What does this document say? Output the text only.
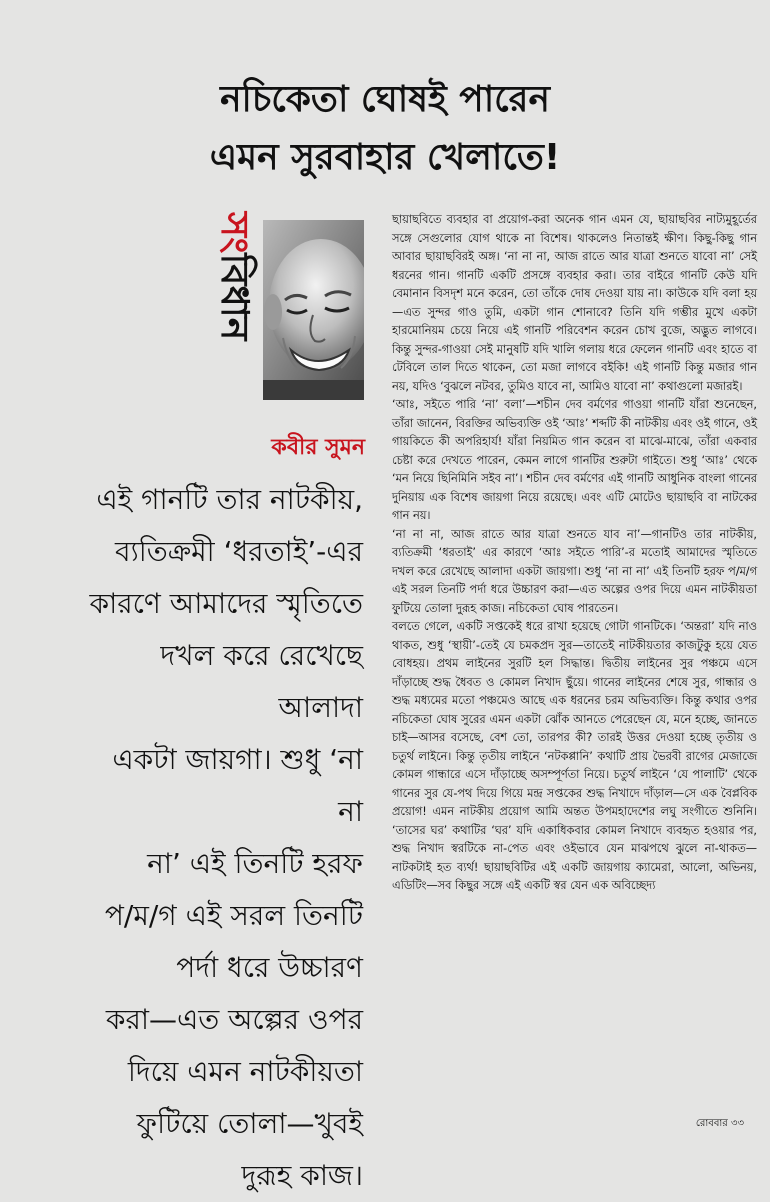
নচিকেতা ঘোষই পারেন
এমন সুরবাহার খেলাতে!
সংবিধান
কবীর সুমন

এই গানটি তার নাটকীয়,

ব্যতিক্রমী ‘ধরতাই’-এর

কারণে আমাদের স্মৃতিতে

দখল করে রেখেছে আলাদা

একটা জায়গা। শুধু ‘না না

না’ এই তিনটি হরফ

প/ম/গ এই সরল তিনটি

পর্দা ধরে উচ্চারণ

করা—এত অল্পের ওপর

দিয়ে এমন নাটকীয়তা

ফুটিয়ে তোলা—খুবই

দুরূহ কাজ।

ছায়াছবিতে ব্যবহার বা প্রয়োগ-করা অনেক গান এমন যে, ছায়াছবির নাট্যমুহূর্তের সঙ্গে সেগুলোর যোগ থাকে না বিশেষ। থাকলেও নিতান্তই ক্ষীণ। কিছু-কিছু গান আবার ছায়াছবিরই অঙ্গ। ‘না না না, আজ রাতে আর যাত্রা শুনতে যাবো না’ সেই ধরনের গান। গানটি একটি প্রসঙ্গে ব্যবহার করা। তার বাইরে গানটি কেউ যদি বেমানান বিসদৃশ মনে করেন, তো তাঁকে দোষ দেওয়া যায় না। কাউকে যদি বলা হয়—এত সুন্দর গাও তুমি, একটা গান শোনাবে? তিনি যদি গম্ভীর মুখে একটা হারমোনিয়ম চেয়ে নিয়ে এই গানটি পরিবেশন করেন চোখ বুজে, অদ্ভুত লাগবে। কিন্তু সুন্দর-গাওয়া সেই মানুষটি যদি খালি গলায় ধরে ফেলেন গানটি এবং হাতে বা টেবিলে তাল দিতে থাকেন, তো মজা লাগবে বইকি! এই গানটি কিন্তু মজার গান নয়, যদিও ‘বুঝলে নটবর, তুমিও যাবে না, আমিও যাবো না’ কথাগুলো মজারই।

‘আঃ, সইতে পারি ‘না’ বলা’—শচীন দেব বর্মণের গাওয়া গানটি যাঁরা শুনেছেন, তাঁরা জানেন, বিরক্তির অভিব্যক্তি ওই ‘আঃ’ শব্দটি কী নাটকীয় এবং ওই গানে, ওই গায়কিতে কী অপরিহার্য! যাঁরা নিয়মিত গান করেন বা মাঝে-মাঝে, তাঁরা একবার চেষ্টা করে দেখতে পারেন, কেমন লাগে গানটির শুরুটা গাইতে। শুধু ‘আঃ’ থেকে ‘মন নিয়ে ছিনিমিনি সইব না’। শচীন দেব বর্মণের এই গানটি আধুনিক বাংলা গানের দুনিয়ায় এক বিশেষ জায়গা নিয়ে রয়েছে। এবং এটি মোটেও ছায়াছবি বা নাটকের গান নয়।

‘না না না, আজ রাতে আর যাত্রা শুনতে যাব না’—গানটিও তার নাটকীয়, ব্যতিক্রমী ‘ধরতাই’ এর কারণে ‘আঃ সইতে পারি’-র মতোই আমাদের স্মৃতিতে দখল করে রেখেছে আলাদা একটা জায়গা। শুধু ‘না না না’ এই তিনটি হরফ প/ম/গ এই সরল তিনটি পর্দা ধরে উচ্চারণ করা—এত অল্পের ওপর দিয়ে এমন নাটকীয়তা ফুটিয়ে তোলা দুরূহ কাজ। নচিকেতা ঘোষ পারতেন।

বলতে গেলে, একটি সপ্তকেই ধরে রাখা হয়েছে গোটা গানটিকে। ‘অন্তরা’ যদি নাও থাকত, শুধু ‘স্থায়ী’-তেই যে চমকপ্রদ সুর—তাতেই নাটকীয়তার কাজটুকু হয়ে যেত বোধহয়। প্রথম লাইনের সুরটি হল সিদ্ধান্ত। দ্বিতীয় লাইনের সুর পঞ্চমে এসে দাঁড়াচ্ছে শুদ্ধ ধৈবত ও কোমল নিখাদ ছুঁয়ে। গানের লাইনের শেষে সুর, গান্ধার ও শুদ্ধ মধ্যমের মতো পঞ্চমেও আছে এক ধরনের চরম অভিব্যক্তি। কিন্তু কথার ওপর নচিকেতা ঘোষ সুরের এমন একটা ঝোঁক আনতে পেরেছেন যে, মনে হচ্ছে, জানতে চাই—আসর বসেছে, বেশ তো, তারপর কী? তারই উত্তর দেওয়া হচ্ছে তৃতীয় ও চতুর্থ লাইনে। কিন্তু তৃতীয় লাইনে ‘নটকপ্পানি’ কথাটি প্রায় ভৈরবী রাগের মেজাজে কোমল গান্ধারে এসে দাঁড়াচ্ছে অসম্পূর্ণতা নিয়ে। চতুর্থ লাইনে ‘যে পালাটি’ থেকে গানের সুর যে-পথ দিয়ে গিয়ে মন্দ্র সপ্তকের শুদ্ধ নিখাদে দাঁড়াল—সে এক বৈপ্লবিক প্রয়োগ! এমন নাটকীয় প্রয়োগ আমি অন্তত উপমহাদেশের লঘু সংগীতে শুনিনি। ‘তাসের ঘর’ কথাটির ‘ঘর’ যদি একাধিকবার কোমল নিখাদে ব্যবহৃত হওয়ার পর, শুদ্ধ নিখাদ স্বরটিকে না-পেত এবং ওইভাবে যেন মাঝপথে ঝুলে না-থাকত—নাটকটাই হত ব্যর্থ! ছায়াছবিটির এই একটি জায়গায় ক্যামেরা, আলো, অভিনয়, এডিটিং—সব কিছুর সঙ্গে এই একটি স্বর যেন এক অবিচ্ছেদ্য

রোববার ৩৩
